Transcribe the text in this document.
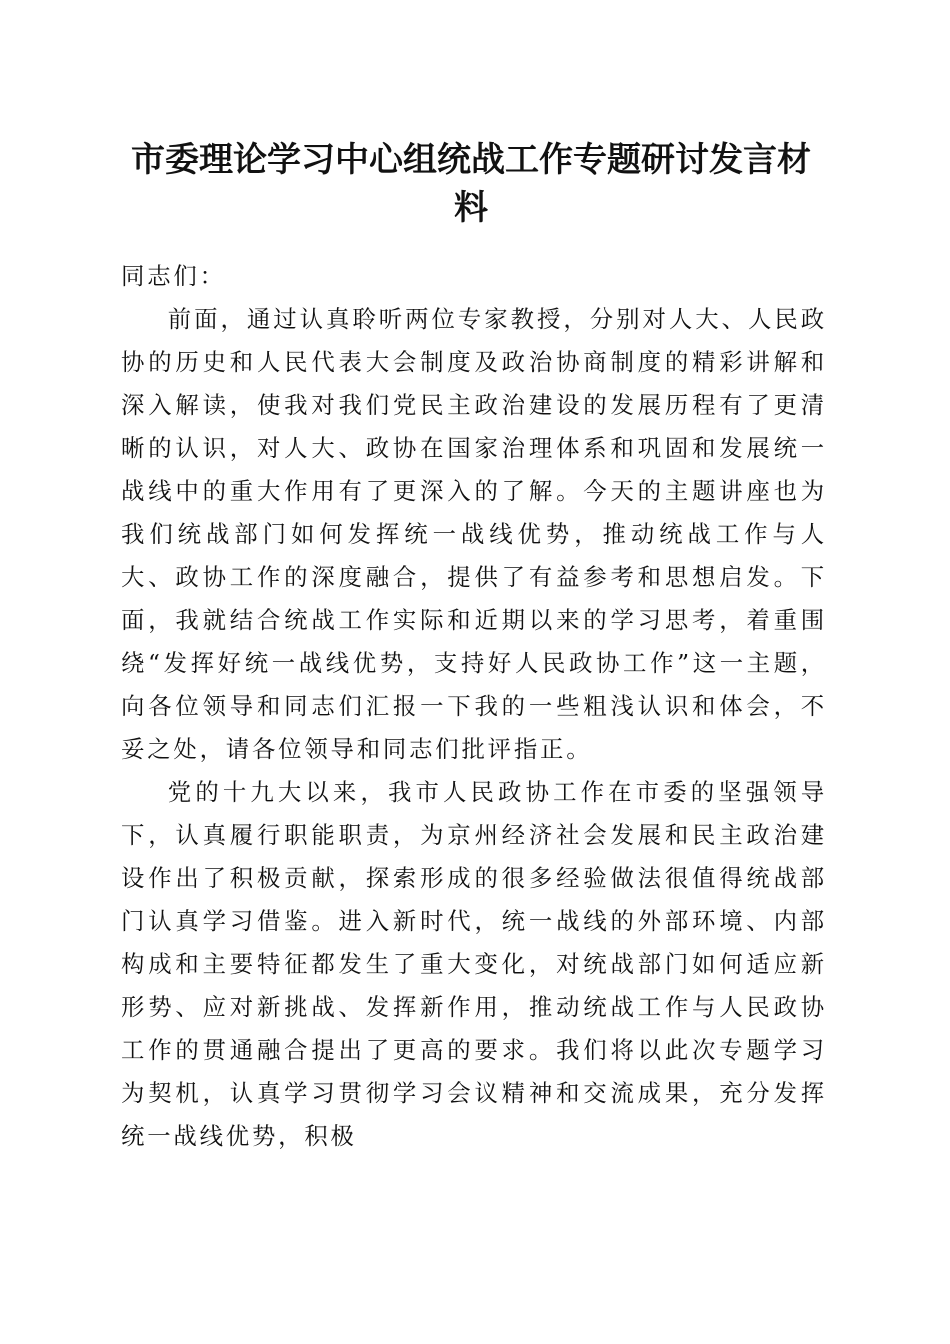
市委理论学习中心组统战工作专题研讨发言材料

同志们：

前面，通过认真聆听两位专家教授，分别对人大、人民政协的历史和人民代表大会制度及政治协商制度的精彩讲解和深入解读，使我对我们党民主政治建设的发展历程有了更清晰的认识，对人大、政协在国家治理体系和巩固和发展统一战线中的重大作用有了更深入的了解。今天的主题讲座也为我们统战部门如何发挥统一战线优势，推动统战工作与人大、政协工作的深度融合，提供了有益参考和思想启发。下面，我就结合统战工作实际和近期以来的学习思考，着重围绕“发挥好统一战线优势，支持好人民政协工作”这一主题，向各位领导和同志们汇报一下我的一些粗浅认识和体会，不妥之处，请各位领导和同志们批评指正。

党的十九大以来，我市人民政协工作在市委的坚强领导下，认真履行职能职责，为京州经济社会发展和民主政治建设作出了积极贡献，探索形成的很多经验做法很值得统战部门认真学习借鉴。进入新时代，统一战线的外部环境、内部构成和主要特征都发生了重大变化，对统战部门如何适应新形势、应对新挑战、发挥新作用，推动统战工作与人民政协工作的贯通融合提出了更高的要求。我们将以此次专题学习为契机，认真学习贯彻学习会议精神和交流成果，充分发挥统一战线优势，积极
